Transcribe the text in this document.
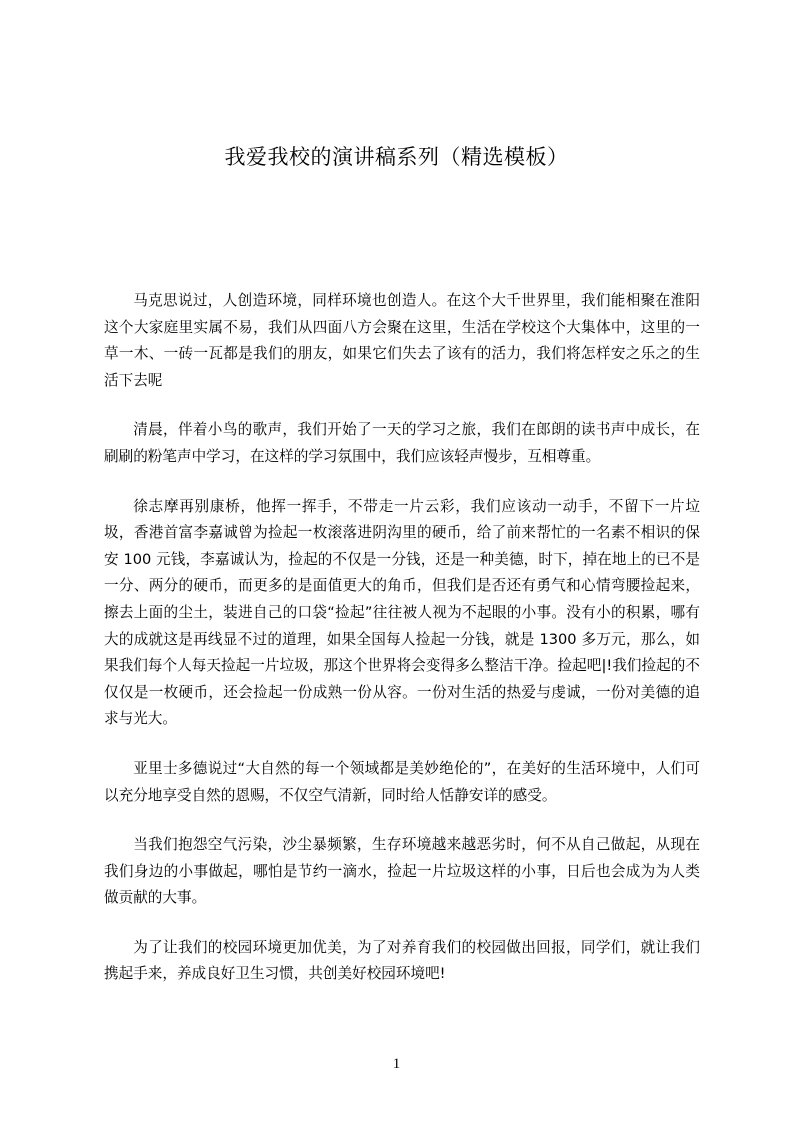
我爱我校的演讲稿系列（精选模板）

马克思说过，人创造环境，同样环境也创造人。在这个大千世界里，我们能相聚在淮阳这个大家庭里实属不易，我们从四面八方会聚在这里，生活在学校这个大集体中，这里的一草一木、一砖一瓦都是我们的朋友，如果它们失去了该有的活力，我们将怎样安之乐之的生活下去呢

清晨，伴着小鸟的歌声，我们开始了一天的学习之旅，我们在郎朗的读书声中成长，在刷刷的粉笔声中学习，在这样的学习氛围中，我们应该轻声慢步，互相尊重。

徐志摩再别康桥，他挥一挥手，不带走一片云彩，我们应该动一动手，不留下一片垃圾，香港首富李嘉诚曾为捡起一枚滚落进阴沟里的硬币，给了前来帮忙的一名素不相识的保安 100 元钱，李嘉诚认为，捡起的不仅是一分钱，还是一种美德，时下，掉在地上的已不是一分、两分的硬币，而更多的是面值更大的角币，但我们是否还有勇气和心情弯腰捡起来，擦去上面的尘土，装进自己的口袋“捡起”往往被人视为不起眼的小事。没有小的积累，哪有大的成就这是再线显不过的道理，如果全国每人捡起一分钱，就是 1300 多万元，那么，如果我们每个人每天捡起一片垃圾，那这个世界将会变得多么整洁干净。捡起吧|!我们捡起的不仅仅是一枚硬币，还会捡起一份成熟一份从容。一份对生活的热爱与虔诚，一份对美德的追求与光大。

亚里士多德说过“大自然的每一个领域都是美妙绝伦的”，在美好的生活环境中，人们可以充分地享受自然的恩赐，不仅空气清新，同时给人恬静安详的感受。

当我们抱怨空气污染，沙尘暴频繁，生存环境越来越恶劣时，何不从自己做起，从现在我们身边的小事做起，哪怕是节约一滴水，捡起一片垃圾这样的小事，日后也会成为为人类做贡献的大事。

为了让我们的校园环境更加优美，为了对养育我们的校园做出回报，同学们，就让我们携起手来，养成良好卫生习惯，共创美好校园环境吧!

1
